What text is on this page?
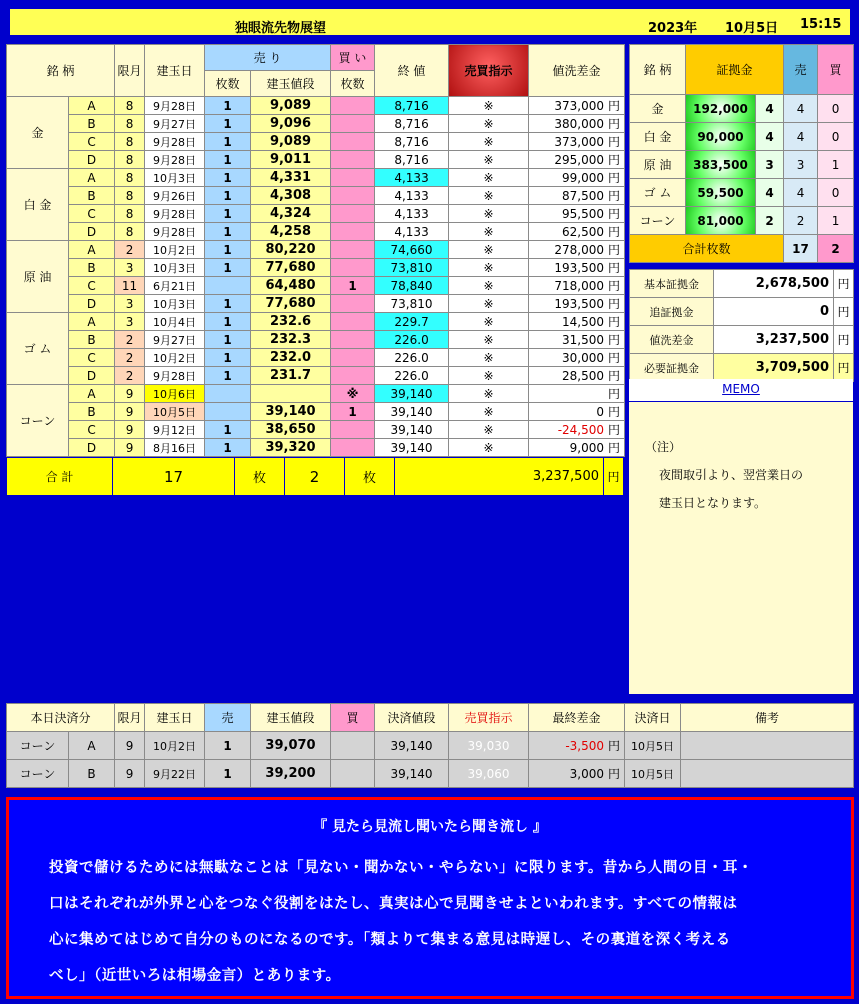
独眼流先物展望	2023年 10月5日 15:15
銘 柄		限月	建玉日	売 り		買 い	終 値	売買指示	値洗差金
				枚数	建玉値段	枚数			
金	A	8	9月28日	1	9,089		8,716	※	373,000 円
	B	8	9月27日	1	9,096		8,716	※	380,000 円
	C	8	9月28日	1	9,089		8,716	※	373,000 円
	D	8	9月28日	1	9,011		8,716	※	295,000 円
白 金	A	8	10月3日	1	4,331		4,133	※	99,000 円
	B	8	9月26日	1	4,308		4,133	※	87,500 円
	C	8	9月28日	1	4,324		4,133	※	95,500 円
	D	8	9月28日	1	4,258		4,133	※	62,500 円
原 油	A	2	10月2日	1	80,220		74,660	※	278,000 円
	B	3	10月3日	1	77,680		73,810	※	193,500 円
	C	11	6月21日		64,480	1	78,840	※	718,000 円
	D	3	10月3日	1	77,680		73,810	※	193,500 円
ゴ ム	A	3	10月4日	1	232.6		229.7	※	14,500 円
	B	2	9月27日	1	232.3		226.0	※	31,500 円
	C	2	10月2日	1	232.0		226.0	※	30,000 円
	D	2	9月28日	1	231.7		226.0	※	28,500 円
コーン	A	9	10月6日			※	39,140	※	円
	B	9	10月5日		39,140	1	39,140	※	0 円
	C	9	9月12日	1	38,650		39,140	※	-24,500 円
	D	9	8月16日	1	39,320		39,140	※	9,000 円
合 計	17	枚	2	枚	3,237,500	円
銘 柄	証拠金		売	買
金	192,000	4	4	0
白 金	90,000	4	4	0
原 油	383,500	3	3	1
ゴ ム	59,500	4	4	0
コーン	81,000	2	2	1
合計枚数			17	2
基本証拠金	2,678,500	円
追証拠金	0	円
値洗差金	3,237,500	円
必要証拠金	3,709,500	円
MEMO

（注）

夜間取引より、翌営業日の

建玉日となります。

本日決済分		限月	建玉日	売	建玉値段	買	決済値段	売買指示	最終差金	決済日	備考
コーン	A	9	10月2日	1	39,070		39,140	39,030	-3,500 円	10月5日	
コーン	B	9	9月22日	1	39,200		39,140	39,060	3,000 円	10月5日	
『 見たら見流し聞いたら聞き流し 』
投資で儲けるためには無駄なことは「見ない・聞かない・やらない」に限ります。昔から人間の目・耳・
口はそれぞれが外界と心をつなぐ役割をはたし、真実は心で見聞きせよといわれます。すべての情報は
心に集めてはじめて自分のものになるのです。「類よりて集まる意見は時遅し、その裏道を深く考える
べし」（近世いろは相場金言）とあります。
